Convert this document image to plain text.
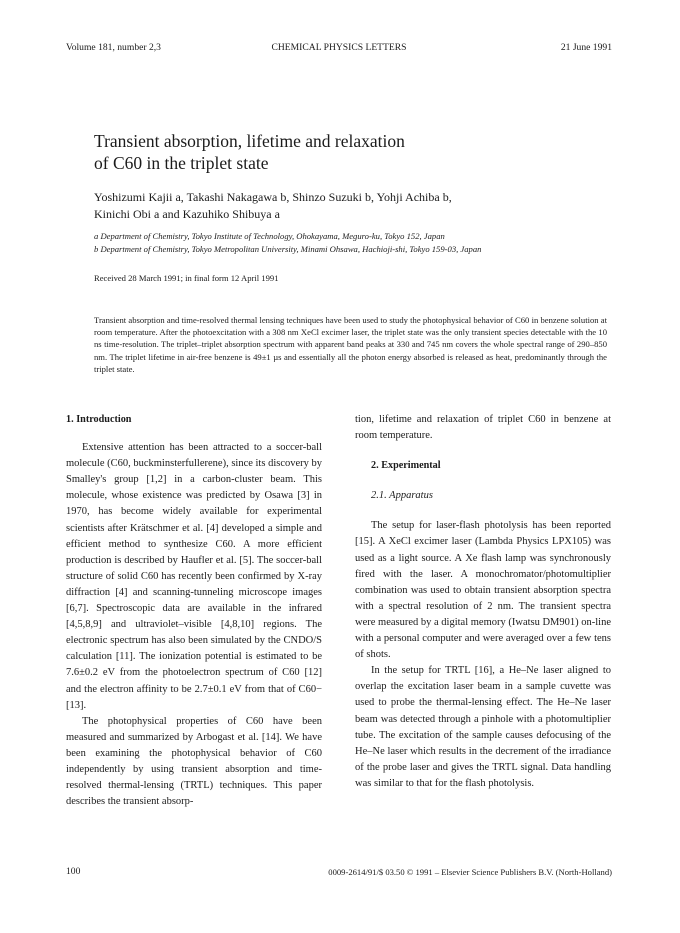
Volume 181, number 2,3	CHEMICAL PHYSICS LETTERS	21 June 1991
Transient absorption, lifetime and relaxation
of C60 in the triplet state
Yoshizumi Kajii a, Takashi Nakagawa b, Shinzo Suzuki b, Yohji Achiba b,
Kinichi Obi a and Kazuhiko Shibuya a
a Department of Chemistry, Tokyo Institute of Technology, Ohokayama, Meguro-ku, Tokyo 152, Japan
b Department of Chemistry, Tokyo Metropolitan University, Minami Ohsawa, Hachioji-shi, Tokyo 159-03, Japan
Received 28 March 1991; in final form 12 April 1991
Transient absorption and time-resolved thermal lensing techniques have been used to study the photophysical behavior of C60 in benzene solution at room temperature. After the photoexcitation with a 308 nm XeCl excimer laser, the triplet state was the only transient species detectable with the 10 ns time-resolution. The triplet–triplet absorption spectrum with apparent band peaks at 330 and 745 nm covers the whole spectral range of 290–850 nm. The triplet lifetime in air-free benzene is 49±1 µs and essentially all the photon energy absorbed is released as heat, predominantly through the triplet state.

1. Introduction

Extensive attention has been attracted to a soccer-ball molecule (C60, buckminsterfullerene), since its discovery by Smalley's group [1,2] in a carbon-cluster beam. This molecule, whose existence was predicted by Osawa [3] in 1970, has become widely available for experimental scientists after Krätschmer et al. [4] developed a simple and efficient method to synthesize C60. A more efficient production is described by Haufler et al. [5]. The soccer-ball structure of solid C60 has recently been confirmed by X-ray diffraction [4] and scanning-tunneling microscope images [6,7]. Spectroscopic data are available in the infrared [4,5,8,9] and ultraviolet–visible [4,8,10] regions. The electronic spectrum has also been simulated by the CNDO/S calculation [11]. The ionization potential is estimated to be 7.6±0.2 eV from the photoelectron spectrum of C60 [12] and the electron affinity to be 2.7±0.1 eV from that of C60− [13].

The photophysical properties of C60 have been measured and summarized by Arbogast et al. [14]. We have been examining the photophysical behavior of C60 independently by using transient absorption and time-resolved thermal-lensing (TRTL) techniques. This paper describes the transient absorp-

tion, lifetime and relaxation of triplet C60 in benzene at room temperature.

2. Experimental

2.1. Apparatus

The setup for laser-flash photolysis has been reported [15]. A XeCl excimer laser (Lambda Physics LPX105) was used as a light source. A Xe flash lamp was synchronously fired with the laser. A monochromator/photomultiplier combination was used to obtain transient absorption spectra with a spectral resolution of 2 nm. The transient spectra were measured by a digital memory (Iwatsu DM901) on-line with a personal computer and were averaged over a few tens of shots.

In the setup for TRTL [16], a He–Ne laser aligned to overlap the excitation laser beam in a sample cuvette was used to probe the thermal-lensing effect. The He–Ne laser beam was detected through a pinhole with a photomultiplier tube. The excitation of the sample causes defocusing of the He–Ne laser which results in the decrement of the irradiance of the probe laser and gives the TRTL signal. Data handling was similar to that for the flash photolysis.

100	0009-2614/91/$ 03.50 © 1991 – Elsevier Science Publishers B.V. (North-Holland)
